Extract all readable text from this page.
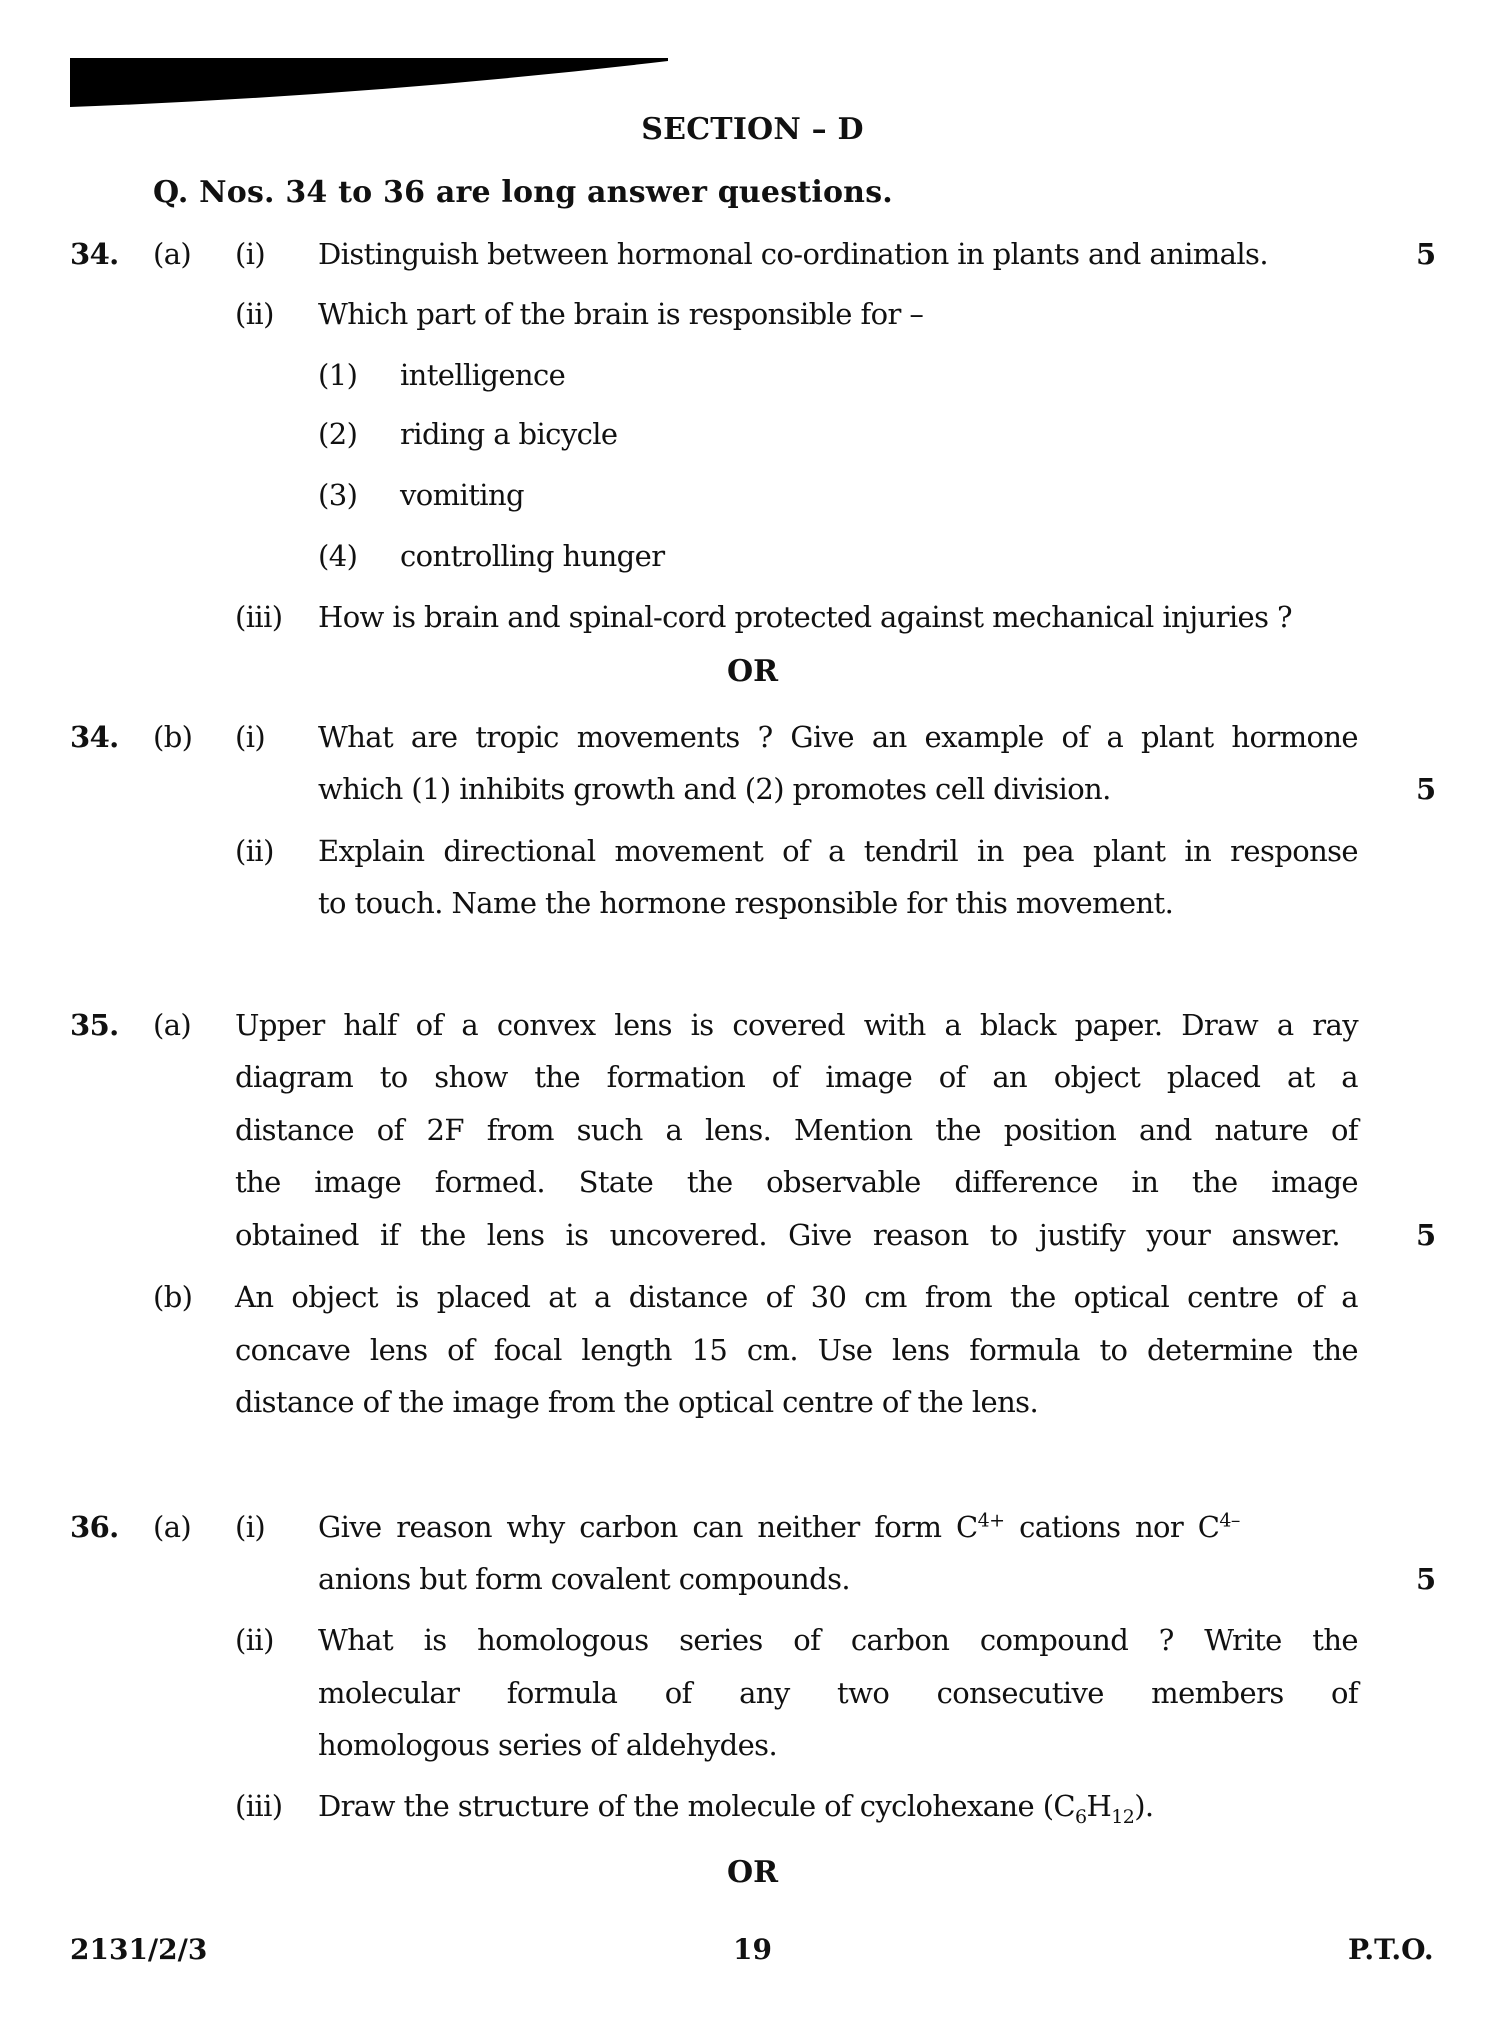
SECTION – D
Q. Nos. 34 to 36 are long answer questions.
34. (a) (i) Distinguish between hormonal co-ordination in plants and animals.	5
(ii) Which part of the brain is responsible for –
(1) intelligence
(2) riding a bicycle
(3) vomiting
(4) controlling hunger
(iii) How is brain and spinal-cord protected against mechanical injuries ?
OR
34. (b) (i) What are tropic movements ? Give an example of a plant hormone
which (1) inhibits growth and (2) promotes cell division.	5
(ii) Explain directional movement of a tendril in pea plant in response
to touch. Name the hormone responsible for this movement.
35. (a) Upper half of a convex lens is covered with a black paper. Draw a ray
diagram to show the formation of image of an object placed at a
distance of 2F from such a lens. Mention the position and nature of
the image formed. State the observable difference in the image
obtained if the lens is uncovered. Give reason to justify your answer.	5
(b) An object is placed at a distance of 30 cm from the optical centre of a
concave lens of focal length 15 cm. Use lens formula to determine the
distance of the image from the optical centre of the lens.
36. (a) (i) Give reason why carbon can neither form $C^{4+}$ cations nor $C^{4-}$
anions but form covalent compounds.	5
(ii) What is homologous series of carbon compound ? Write the
molecular formula of any two consecutive members of
homologous series of aldehydes.
(iii) Draw the structure of the molecule of cyclohexane $(C_6H_{12})$.
OR
2131/2/3	19	P.T.O.
